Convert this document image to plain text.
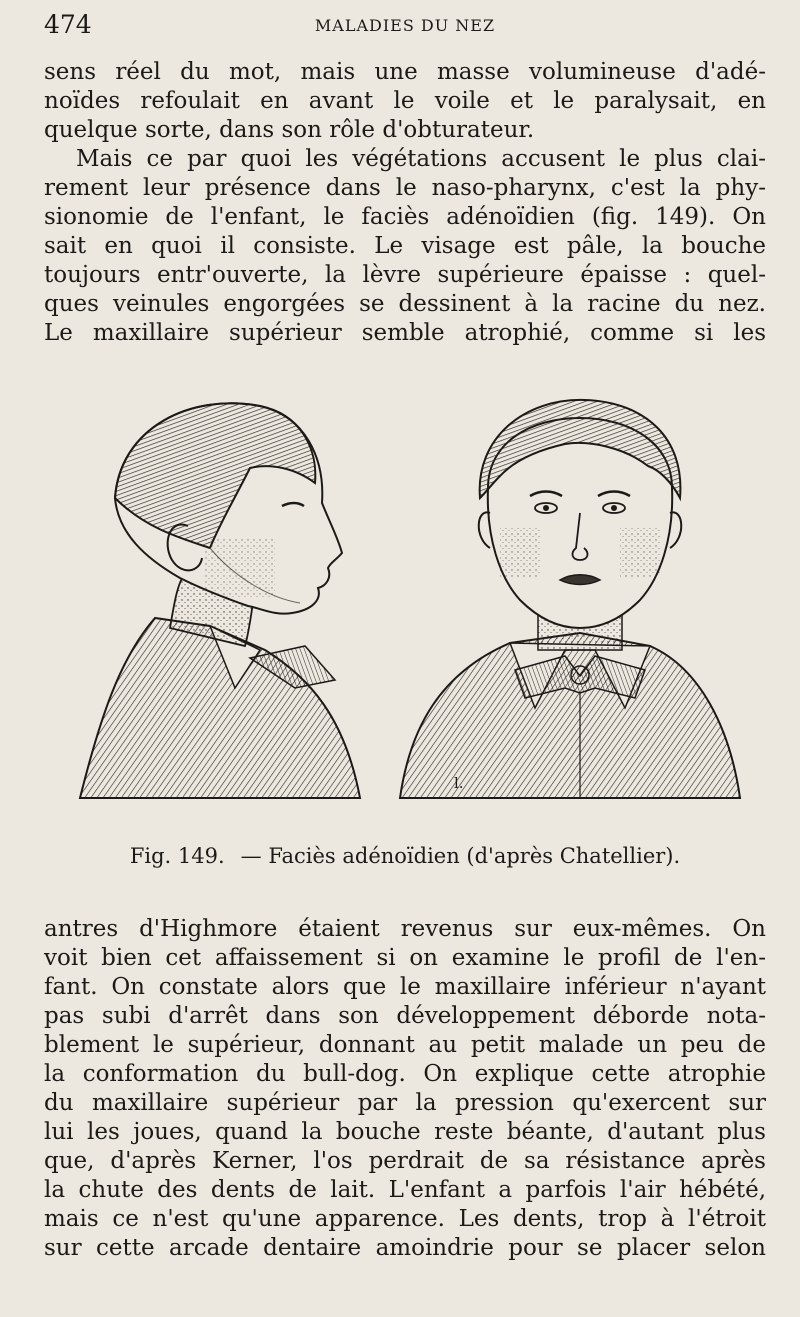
474	MALADIES DU NEZ
sens réel du mot, mais une masse volumineuse d'adé-
noïdes refoulait en avant le voile et le paralysait, en
quelque sorte, dans son rôle d'obturateur.
Mais ce par quoi les végétations accusent le plus clai-
rement leur présence dans le naso-pharynx, c'est la phy-
sionomie de l'enfant, le faciès adénoïdien (fig. 149). On
sait en quoi il consiste. Le visage est pâle, la bouche
toujours entr'ouverte, la lèvre supérieure épaisse : quel-
ques veinules engorgées se dessinent à la racine du nez.
Le maxillaire supérieur semble atrophié, comme si les
l.
Fig. 149. — Faciès adénoïdien (d'après Chatellier).
antres d'Highmore étaient revenus sur eux-mêmes. On
voit bien cet affaissement si on examine le profil de l'en-
fant. On constate alors que le maxillaire inférieur n'ayant
pas subi d'arrêt dans son développement déborde nota-
blement le supérieur, donnant au petit malade un peu de
la conformation du bull-dog. On explique cette atrophie
du maxillaire supérieur par la pression qu'exercent sur
lui les joues, quand la bouche reste béante, d'autant plus
que, d'après Kerner, l'os perdrait de sa résistance après
la chute des dents de lait. L'enfant a parfois l'air hébété,
mais ce n'est qu'une apparence. Les dents, trop à l'étroit
sur cette arcade dentaire amoindrie pour se placer selon
